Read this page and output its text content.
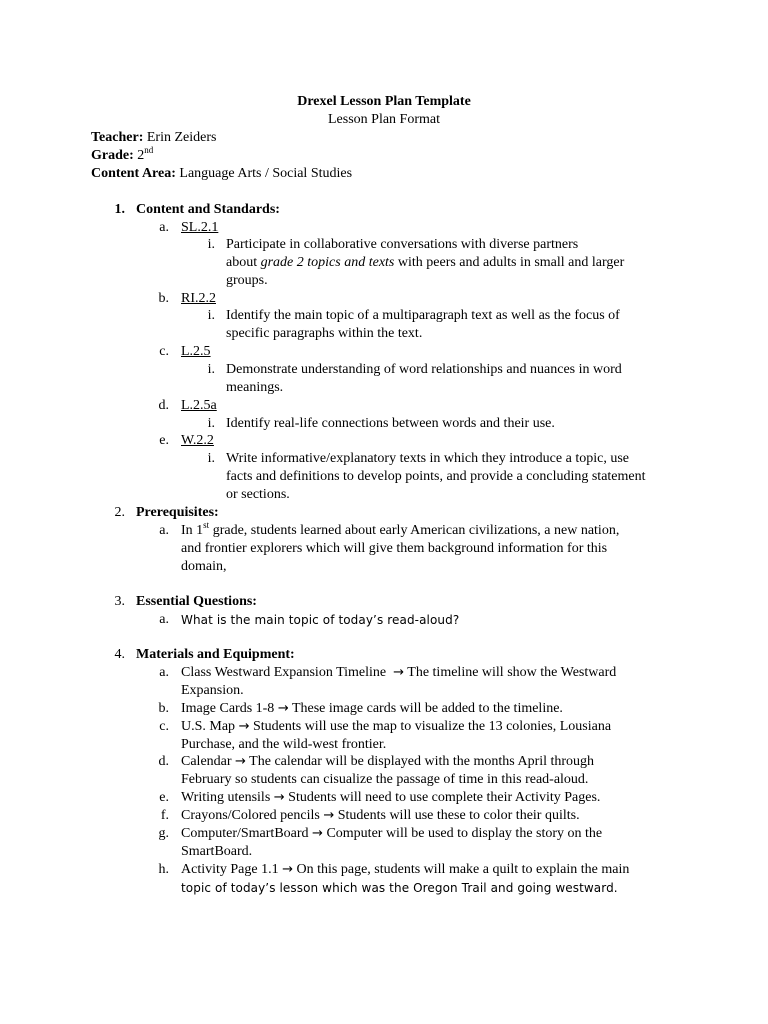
Drexel Lesson Plan Template
Lesson Plan Format
Teacher: Erin Zeiders
Grade: 2nd
Content Area: Language Arts / Social Studies
1. Content and Standards:
a. SL.2.1
i. Participate in collaborative conversations with diverse partners
about grade 2 topics and texts with peers and adults in small and larger
groups.
b. RI.2.2
i. Identify the main topic of a multiparagraph text as well as the focus of
specific paragraphs within the text.
c. L.2.5
i. Demonstrate understanding of word relationships and nuances in word
meanings.
d. L.2.5a
i. Identify real-life connections between words and their use.
e. W.2.2
i. Write informative/explanatory texts in which they introduce a topic, use
facts and definitions to develop points, and provide a concluding statement
or sections.
2. Prerequisites:
a. In 1st grade, students learned about early American civilizations, a new nation,
and frontier explorers which will give them background information for this
domain,
3. Essential Questions:
a. What is the main topic of today’s read-aloud?
4. Materials and Equipment:
a. Class Westward Expansion Timeline  → The timeline will show the Westward
Expansion.
b. Image Cards 1-8 → These image cards will be added to the timeline.
c. U.S. Map → Students will use the map to visualize the 13 colonies, Lousiana
Purchase, and the wild-west frontier.
d. Calendar → The calendar will be displayed with the months April through
February so students can cisualize the passage of time in this read-aloud.
e. Writing utensils → Students will need to use complete their Activity Pages.
f. Crayons/Colored pencils → Students will use these to color their quilts.
g. Computer/SmartBoard → Computer will be used to display the story on the
SmartBoard.
h. Activity Page 1.1 → On this page, students will make a quilt to explain the main
topic of today’s lesson which was the Oregon Trail and going westward.
